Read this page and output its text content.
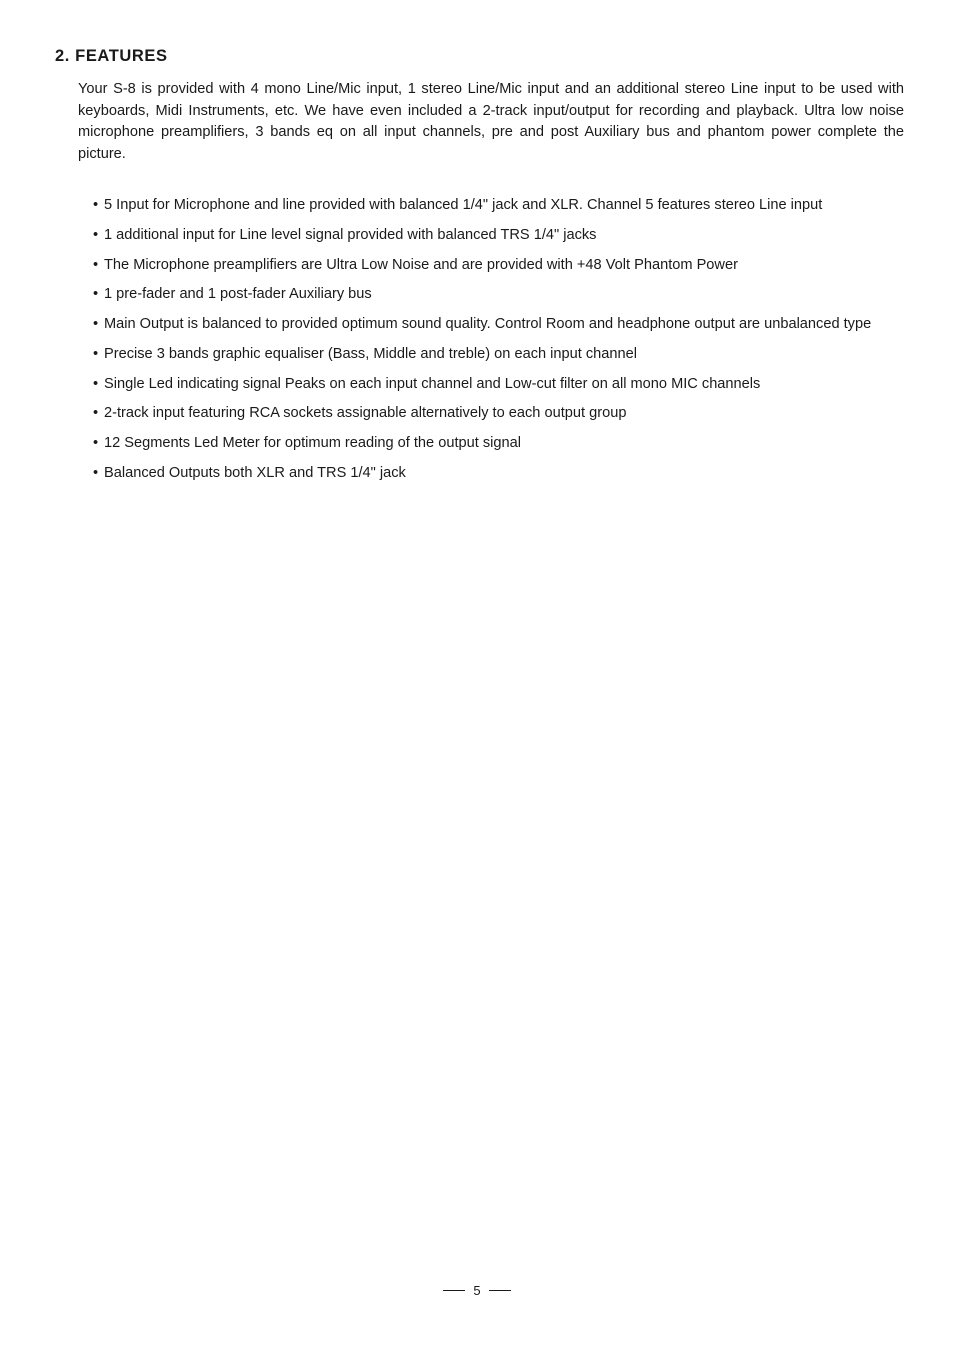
2. FEATURES

Your S-8 is provided with 4 mono Line/Mic input, 1 stereo Line/Mic input and an additional stereo Line input to be used with keyboards, Midi Instruments, etc. We have even included a 2-track input/output for recording and playback. Ultra low noise microphone preamplifiers, 3 bands eq on all input channels, pre and post Auxiliary bus and phantom power complete the picture.

• 5 Input for Microphone and line provided with balanced 1/4" jack and XLR. Channel 5 features stereo Line input
• 1 additional input for Line level signal provided with balanced TRS 1/4" jacks
• The Microphone preamplifiers are Ultra Low Noise and are provided with +48 Volt Phantom Power
• 1 pre-fader and 1 post-fader Auxiliary bus
• Main Output is balanced to provided optimum sound quality. Control Room and headphone output are unbalanced type
• Precise 3 bands graphic equaliser (Bass, Middle and treble) on each input channel
• Single Led indicating signal Peaks on each input channel and Low-cut filter on all mono MIC channels
• 2-track input featuring RCA sockets assignable alternatively to each output group
• 12 Segments Led Meter for optimum reading of the output signal
• Balanced Outputs both XLR and TRS 1/4" jack
5
